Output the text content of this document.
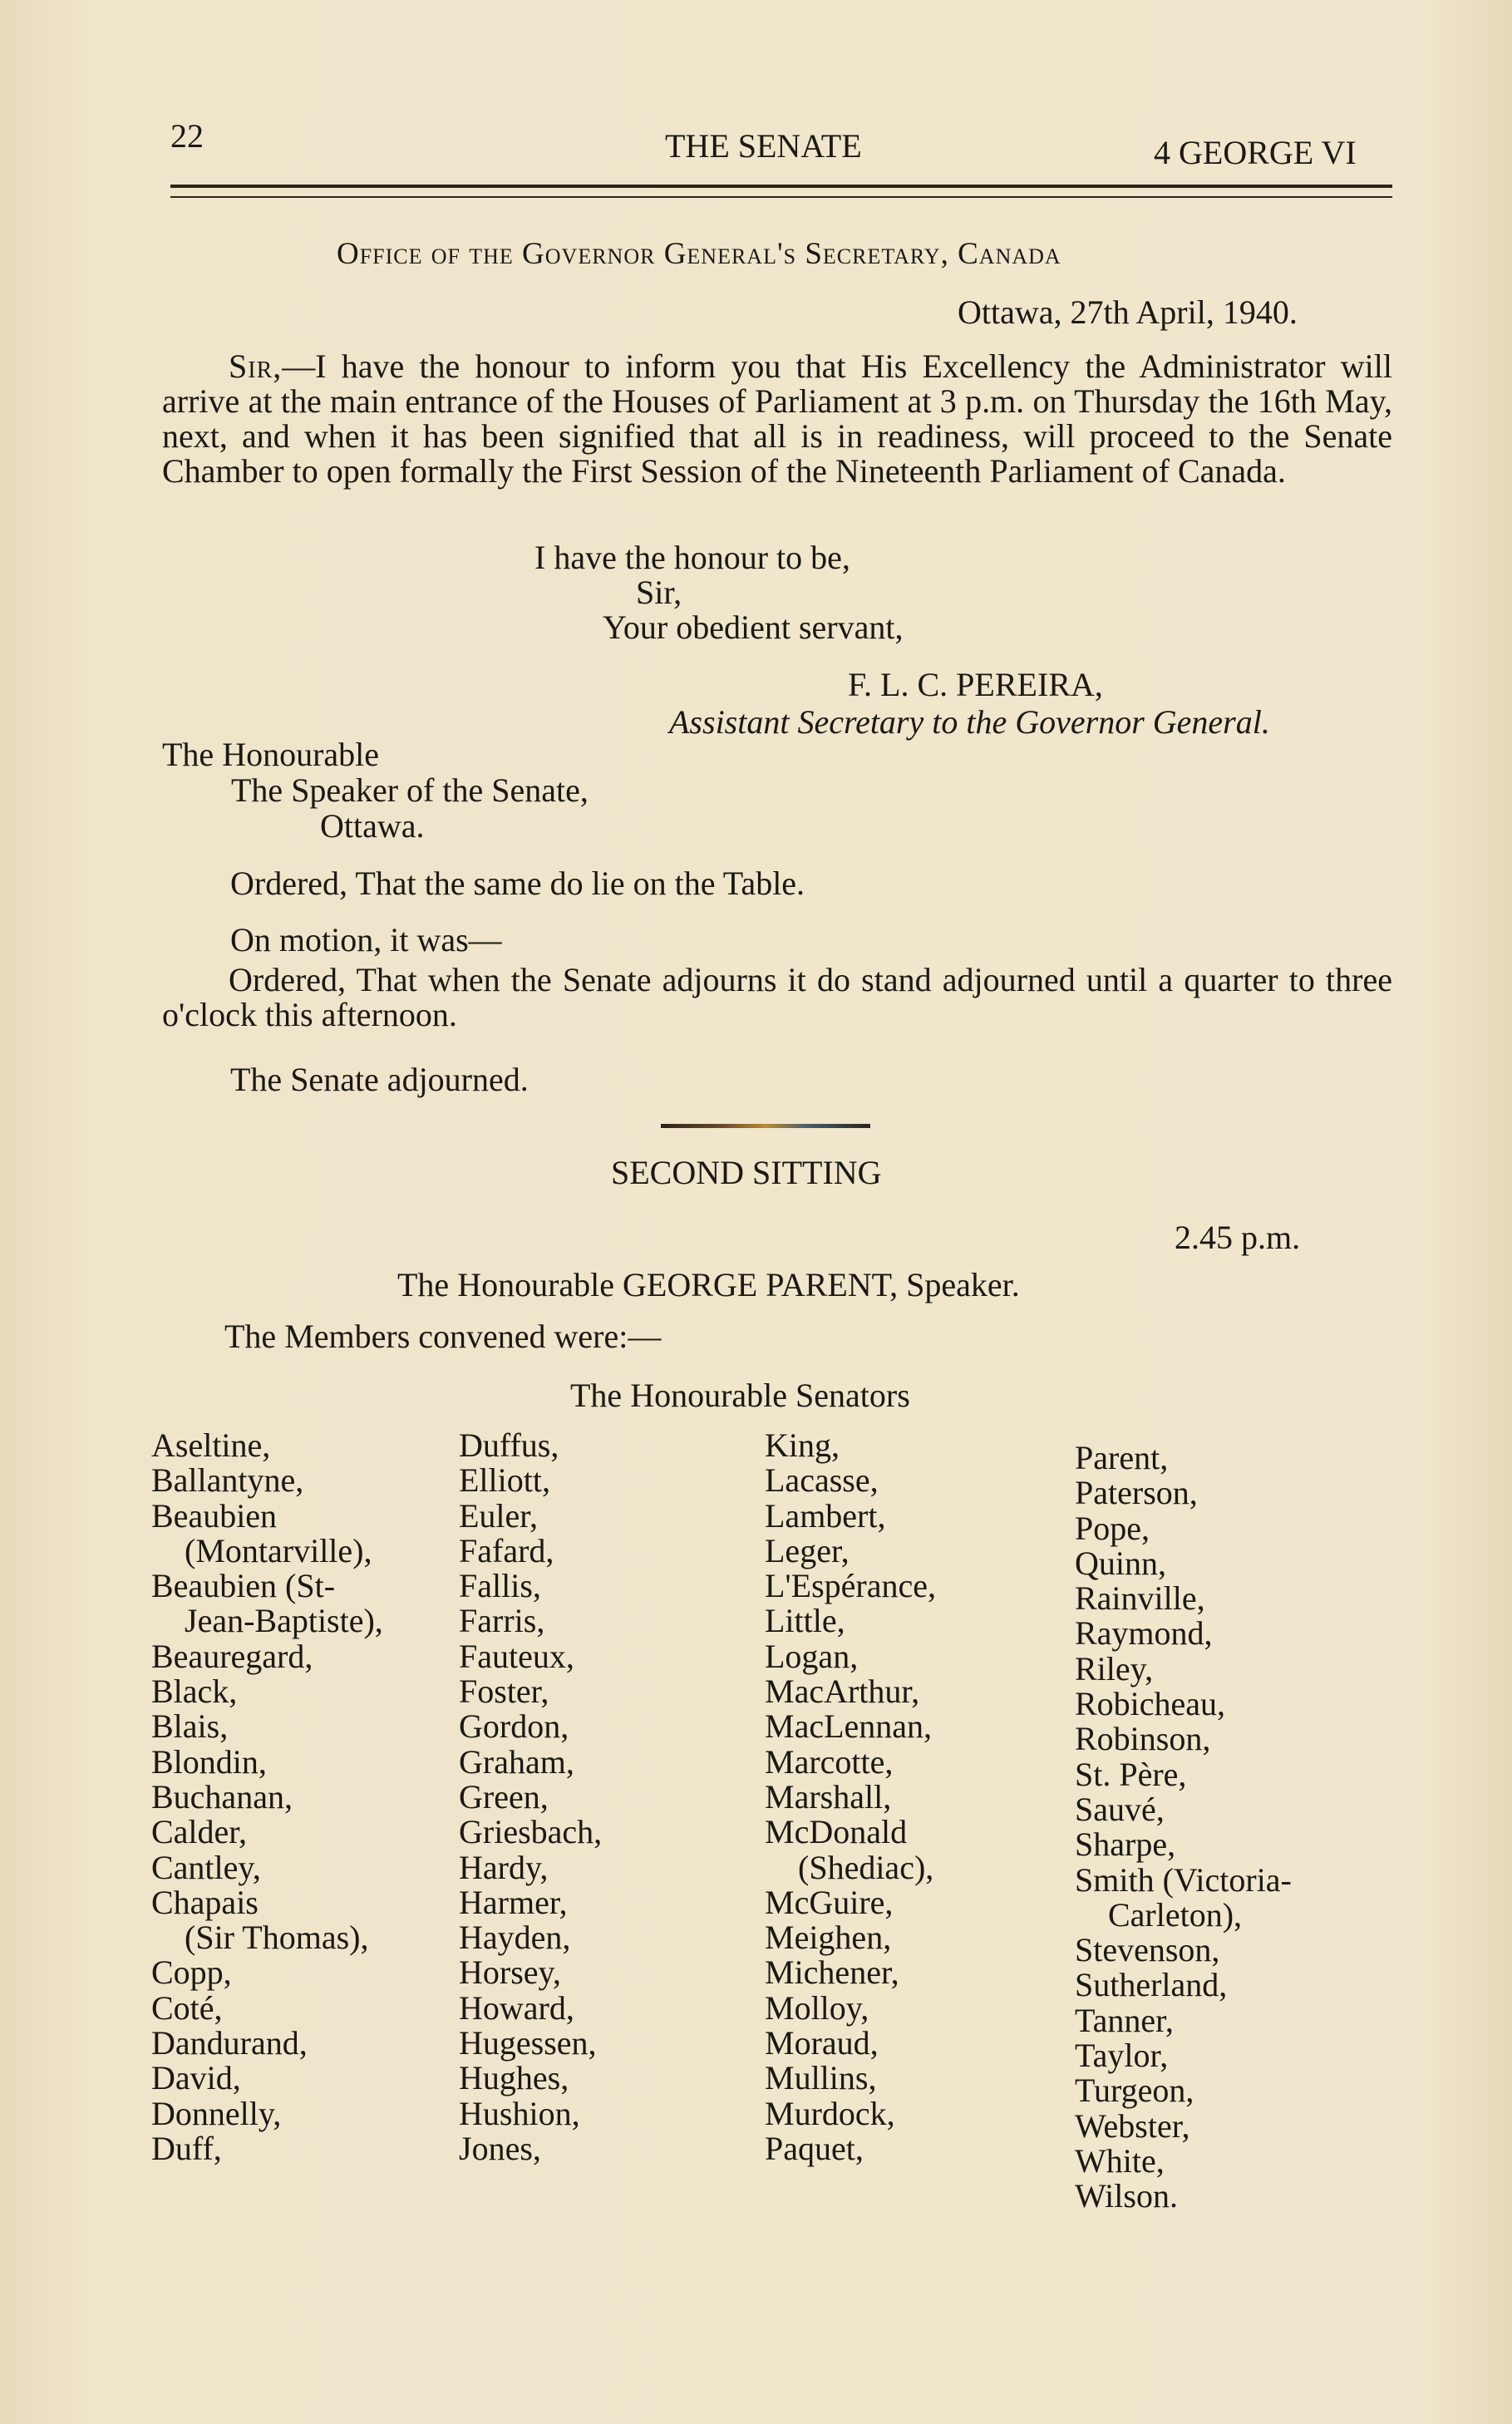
22	THE SENATE	4 GEORGE VI
Office of the Governor General's Secretary, Canada
Ottawa, 27th April, 1940.

Sir,—I have the honour to inform you that His Excellency the Administrator will arrive at the main entrance of the Houses of Parliament at 3 p.m. on Thursday the 16th May, next, and when it has been signified that all is in readiness, will proceed to the Senate Chamber to open formally the First Session of the Nineteenth Parliament of Canada.

I have the honour to be,
Sir,
Your obedient servant,
F. L. C. PEREIRA,
Assistant Secretary to the Governor General.
The Honourable
The Speaker of the Senate,
Ottawa.
Ordered, That the same do lie on the Table.
On motion, it was—

Ordered, That when the Senate adjourns it do stand adjourned until a quarter to three o'clock this afternoon.

The Senate adjourned.
SECOND SITTING
2.45 p.m.
The Honourable GEORGE PARENT, Speaker.
The Members convened were:—
The Honourable Senators
Aseltine,
Ballantyne,
Beaubien
(Montarville),
Beaubien (St-
Jean-Baptiste),
Beauregard,
Black,
Blais,
Blondin,
Buchanan,
Calder,
Cantley,
Chapais
(Sir Thomas),
Copp,
Coté,
Dandurand,
David,
Donnelly,
Duff,
Duffus,
Elliott,
Euler,
Fafard,
Fallis,
Farris,
Fauteux,
Foster,
Gordon,
Graham,
Green,
Griesbach,
Hardy,
Harmer,
Hayden,
Horsey,
Howard,
Hugessen,
Hughes,
Hushion,
Jones,
King,
Lacasse,
Lambert,
Leger,
L'Espérance,
Little,
Logan,
MacArthur,
MacLennan,
Marcotte,
Marshall,
McDonald
(Shediac),
McGuire,
Meighen,
Michener,
Molloy,
Moraud,
Mullins,
Murdock,
Paquet,
Parent,
Paterson,
Pope,
Quinn,
Rainville,
Raymond,
Riley,
Robicheau,
Robinson,
St. Père,
Sauvé,
Sharpe,
Smith (Victoria-
Carleton),
Stevenson,
Sutherland,
Tanner,
Taylor,
Turgeon,
Webster,
White,
Wilson.
